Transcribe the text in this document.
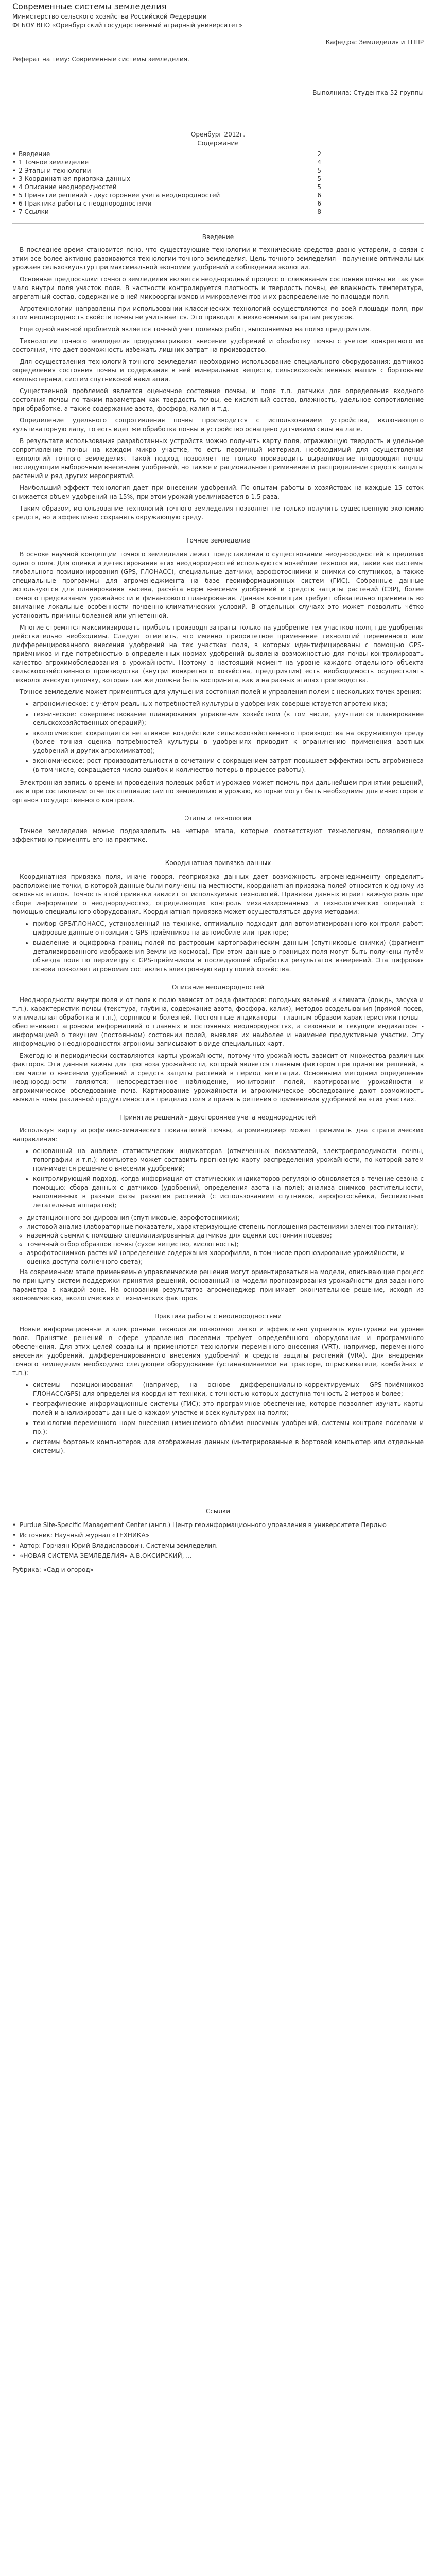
Современные системы земледелия
Министерство сельского хозяйства Российской Федерации
ФГБОУ ВПО «Оренбургский государственный аграрный университет»
Кафедра: Земледелия и ТППР
Реферат на тему: Современные системы земледелия.
Выполнила: Студентка 52 группы
Оренбург 2012г.
Содержание
• Введение	2
• 1 Точное земледелие	4
• 2 Этапы и технологии	5
• 3 Координатная привязка данных	5
• 4 Описание неоднородностей	5
• 5 Принятие решений - двустороннее учета неоднородностей	6
• 6 Практика работы с неоднородностями	6
• 7 Ссылки	8
Введение

В последнее время становится ясно, что существующие технологии и технические средства давно устарели, в связи с этим все более активно развиваются технологии точного земледелия. Цель точного земледелия - получение оптимальных урожаев сельхозкультур при максимальной экономии удобрений и соблюдении экологии.

Основные предпосылки точного земледелия является неоднородный процесс отслеживания состояния почвы не так уже мало внутри поля участок поля. В частности контролируется плотность и твердость почвы, ее влажность температура, агрегатный состав, содержание в ней микроорганизмов и микроэлементов и их распределение по площади поля.

Агротехнологии направлены при использовании классических технологий осуществляются по всей площади поля, при этом неоднородность свойств почвы не учитывается. Это приводит к неэкономным затратам ресурсов.

Еще одной важной проблемой является точный учет полевых работ, выполняемых на полях предприятия.

Технологии точного земледелия предусматривают внесение удобрений и обработку почвы с учетом конкретного их состояния, что дает возможность избежать лишних затрат на производство.

Для осуществления технологий точного земледелия необходимо использование специального оборудования: датчиков определения состояния почвы и содержания в ней минеральных веществ, сельскохозяйственных машин с бортовыми компьютерами, систем спутниковой навигации.

Существенной проблемой является оценочное состояние почвы, и поля т.п. датчики для определения входного состояния почвы по таким параметрам как твердость почвы, ее кислотный состав, влажность, удельное сопротивление при обработке, а также содержание азота, фосфора, калия и т.д.

Определение удельного сопротивления почвы производится с использованием устройства, включающего культиваторную лапу, то есть идет же обработка почвы и устройство оснащено датчиками силы на лапе.

В результате использования разработанных устройств можно получить карту поля, отражающую твердость и удельное сопротивление почвы на каждом микро участке, то есть первичный материал, необходимый для осуществления технологий точного земледелия. Такой подход позволяет не только производить выравнивание плодородия почвы последующим выборочным внесением удобрений, но также и рациональное применение и распределение средств защиты растений и ряд других мероприятий.

Наибольший эффект технология дает при внесении удобрений. По опытам работы в хозяйствах на каждые 15 соток снижается объем удобрений на 15%, при этом урожай увеличивается в 1.5 раза.

Таким образом, использование технологий точного земледелия позволяет не только получить существенную экономию средств, но и эффективно сохранять окружающую среду.

Точное земледелие

В основе научной концепции точного земледелия лежат представления о существовании неоднородностей в пределах одного поля. Для оценки и детектирования этих неоднородностей используются новейшие технологии, такие как системы глобального позиционирования (GPS, ГЛОНАСС), специальные датчики, аэрофотоснимки и снимки со спутников, а также специальные программы для агроменеджмента на базе геоинформационных систем (ГИС). Собранные данные используются для планирования высева, расчёта норм внесения удобрений и средств защиты растений (СЗР), более точного предсказания урожайности и финансового планирования. Данная концепция требует обязательно принимать во внимание локальные особенности почвенно-климатических условий. В отдельных случаях это может позволить чётко установить причины болезней или угнетенной.

Многие стремятся максимизировать прибыль производя затраты только на удобрение тех участков поля, где удобрения действительно необходимы. Следует отметить, что именно приоритетное применение технологий переменного или дифференцированного внесения удобрений на тех участках поля, в которых идентифицированы с помощью GPS-приёмников и где потребностью в определенных нормах удобрений выявлена возможностью для почвы контролировать качество агрохимобследования в урожайности. Поэтому в настоящий момент на уровне каждого отдельного объекта сельскохозяйственного производства (внутри конкретного хозяйства, предприятия) есть необходимость осуществлять технологическую цепочку, которая так же должна быть воспринята, как и на разных этапах производства.

Точное земледелие может применяться для улучшения состояния полей и управления полем с нескольких точек зрения:

• агрономическое: с учётом реальных потребностей культуры в удобрениях совершенствуется агротехника;
• техническое: совершенствование планирования управления хозяйством (в том числе, улучшается планирование сельскохозяйственных операций);
• экологическое: сокращается негативное воздействие сельскохозяйственного производства на окружающую среду (более точная оценка потребностей культуры в удобрениях приводит к ограничению применения азотных удобрений и других агрохимикатов);
• экономическое: рост производительности в сочетании с сокращением затрат повышает эффективность агробизнеса (в том числе, сокращается число ошибок и количество потерь в процессе работы).

Электронная запись о времени проведения полевых работ и урожаев может помочь при дальнейшем принятии решений, так и при составлении отчетов специалистам по земледелию и урожаю, которые могут быть необходимы для инвесторов и органов государственного контроля.

Этапы и технологии

Точное земледелие можно подразделить на четыре этапа, которые соответствуют технологиям, позволяющим эффективно применять его на практике.

Координатная привязка данных

Координатная привязка поля, иначе говоря, геопривязка данных дает возможность агроменеджменту определить расположение точки, в которой данные были получены на местности, координатная привязка полей относится к одному из основных этапов. Точность этой привязки зависит от используемых технологий. Привязка данных играет важную роль при сборе информации о неоднородностях, определяющих контроль механизированных и технологических операций с помощью специального оборудования. Координатная привязка может осуществляться двумя методами:

• прибор GPS/ГЛОНАСС, установленный на технике, оптимально подходит для автоматизированного контроля работ: цифровые данные о позиции с GPS-приёмников на автомобиле или тракторе;
• выделение и оцифровка границ полей по растровым картографическим данным (спутниковые снимки) (фрагмент детализированного изображения Земли из космоса). При этом данные о границах поля могут быть получены путём объезда поля по периметру с GPS-приёмником и последующей обработки результатов измерений. Эта цифровая основа позволяет агрономам составлять электронную карту полей хозяйства.
Описание неоднородностей

Неоднородности внутри поля и от поля к полю зависят от ряда факторов: погодных явлений и климата (дождь, засуха и т.п.), характеристик почвы (текстура, глубина, содержание азота, фосфора, калия), методов возделывания (прямой посев, минимальная обработка и т.п.), сорняков и болезней. Постоянные индикаторы - главным образом характеристики почвы - обеспечивают агронома информацией о главных и постоянных неоднородностях, а сезонные и текущие индикаторы - информацией о текущем (постоянном) состоянии полей, выявляя их наиболее и наименее продуктивные участки. Эту информацию о неоднородностях агрономы записывают в виде специальных карт.

Ежегодно и периодически составляются карты урожайности, потому что урожайность зависит от множества различных факторов. Эти данные важны для прогноза урожайности, который является главным фактором при принятии решений, в том числе о внесении удобрений и средств защиты растений в период вегетации. Основными методами определения неоднородности являются: непосредственное наблюдение, мониторинг полей, картирование урожайности и агрохимическое обследование почв. Картирование урожайности и агрохимическое обследование дают возможность выявить зоны различной продуктивности в пределах поля и принять решения о применении удобрений на этих участках.

Принятие решений - двустороннее учета неоднородностей

Используя карту агрофизико-химических показателей почвы, агроменеджер может принимать два стратегических направления:

• основанный на анализе статистических индикаторов (отмеченных показателей, электропроводимости почвы, топографии и т.п.): компьютер может составить прогнозную карту распределения урожайности, по которой затем принимается решение о внесении удобрений;
• контролирующий подход, когда информация от статических индикаторов регулярно обновляется в течение сезона с помощью: сбора данных с датчиков (удобрений, определения азота на поле); анализа снимков растительности, выполненных в разные фазы развития растений (с использованием спутников, аэрофотосъёмки, беспилотных летательных аппаратов);
◦ дистанционного зондирования (спутниковые, аэрофотоснимки);
◦ листовой анализ (лабораторные показатели, характеризующие степень поглощения растениями элементов питания);
◦ наземной съемки с помощью специализированных датчиков для оценки состояния посевов;
◦ точечный отбор образцов почвы (сухое вещество, кислотность);
◦ аэрофотоснимков растений (определение содержания хлорофилла, в том числе прогнозирование урожайности, и оценка доступа солнечного света);

На современном этапе применяемые управленческие решения могут ориентироваться на модели, описывающие процесс по принципу систем поддержки принятия решений, основанный на модели прогнозирования урожайности для заданного параметра в каждой зоне. На основании результатов агроменеджер принимает окончательное решение, исходя из экономических, экологических и технических факторов.

Практика работы с неоднородностями

Новые информационные и электронные технологии позволяют легко и эффективно управлять культурами на уровне поля. Принятие решений в сфере управления посевами требует определённого оборудования и программного обеспечения. Для этих целей созданы и применяются технологии переменного внесения (VRT), например, переменного внесения удобрений, дифференцированного внесения удобрений и средств защиты растений (VRA). Для внедрения точного земледелия необходимо следующее оборудование (устанавливаемое на тракторе, опрыскивателе, комбайнах и т.п.):

• системы позиционирования (например, на основе дифференциально-корректируемых GPS-приёмников ГЛОНАСС/GPS) для определения координат техники, с точностью которых доступна точность 2 метров и более;
• географические информационные системы (ГИС): это программное обеспечение, которое позволяет изучать карты полей и анализировать данные о каждом участке и всех культурах на полях;
• технологии переменного норм внесения (изменяемого объёма вносимых удобрений, системы контроля посевами и пр.);
• системы бортовых компьютеров для отображения данных (интегрированные в бортовой компьютер или отдельные системы).
Ссылки
• Purdue Site-Specific Management Center (англ.) Центр геоинформационного управления в университете Пердью
• Источник: Научный журнал «ТЕХНИКА»
• Автор: Горчаян Юрий Владиславович, Системы земледелия.
• «НОВАЯ СИСТЕМА ЗЕМЛЕДЕЛИЯ» А.В.ОКСИРСКИЙ, ...
Рубрика: «Сад и огород»
